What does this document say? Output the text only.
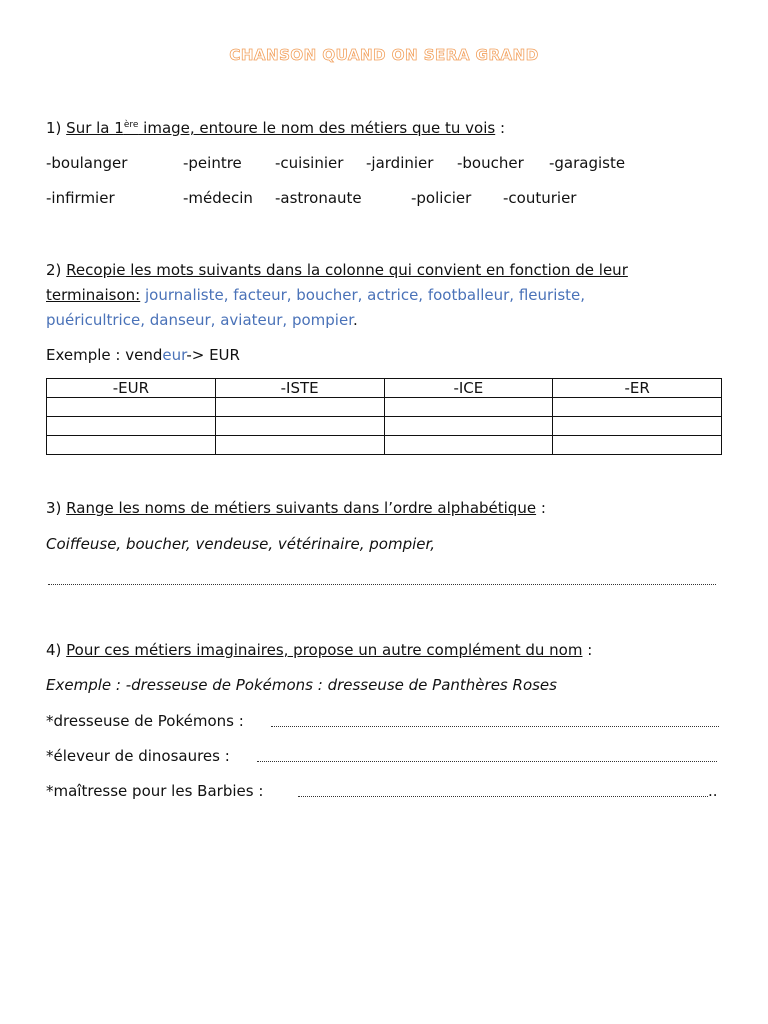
CHANSON QUAND ON SERA GRAND
1) Sur la 1ère image, entoure le nom des métiers que tu vois :
-boulanger	-peintre -cuisinier -jardinier -boucher -garagiste
-infirmier	-médecin -astronaute	-policier -couturier
2) Recopie les mots suivants dans la colonne qui convient en fonction de leur
terminaison: journaliste, facteur, boucher, actrice, footballeur, fleuriste,
puéricultrice, danseur, aviateur, pompier.
Exemple : vendeur-> EUR
-EUR	-ISTE	-ICE	-ER

3) Range les noms de métiers suivants dans l’ordre alphabétique :
Coiffeuse, boucher, vendeuse, vétérinaire, pompier,
4) Pour ces métiers imaginaires, propose un autre complément du nom :
Exemple : -dresseuse de Pokémons : dresseuse de Panthères Roses
*dresseuse de Pokémons :
*éleveur de dinosaures :
*maîtresse pour les Barbies :	..
